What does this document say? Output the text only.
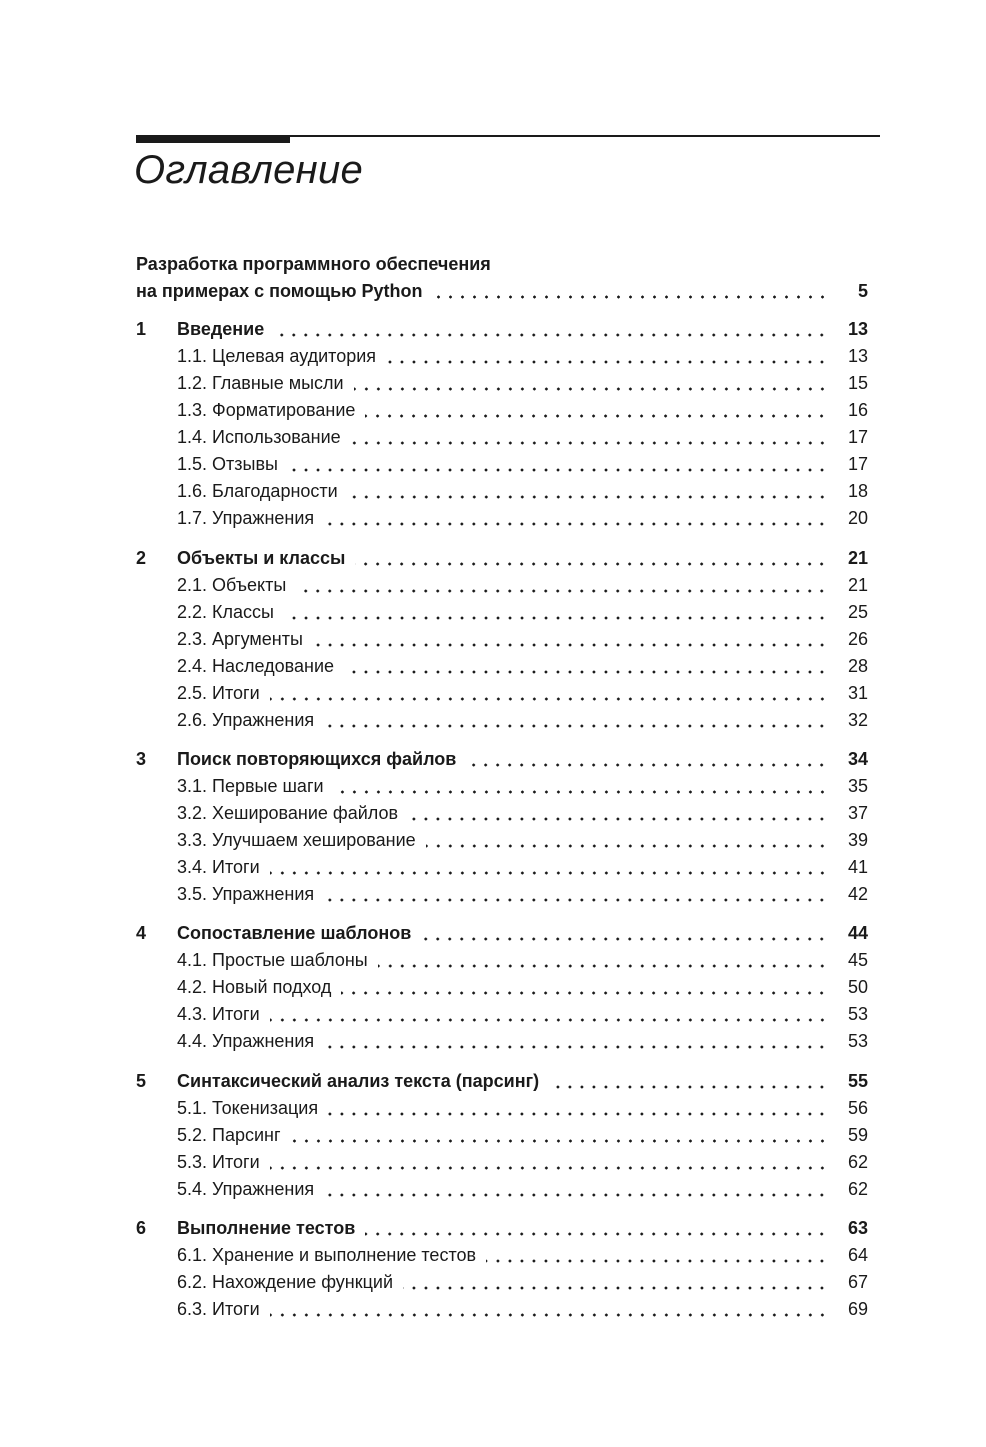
Оглавление
Разработка программного обеспечения
на примерах с помощью Python	5
1	Введение	13
1.1. Целевая аудитория	13
1.2. Главные мысли	15
1.3. Форматирование	16
1.4. Использование	17
1.5. Отзывы	17
1.6. Благодарности	18
1.7. Упражнения	20
2	Объекты и классы	21
2.1. Объекты	21
2.2. Классы	25
2.3. Аргументы	26
2.4. Наследование	28
2.5. Итоги	31
2.6. Упражнения	32
3	Поиск повторяющихся файлов	34
3.1. Первые шаги	35
3.2. Хеширование файлов	37
3.3. Улучшаем хеширование	39
3.4. Итоги	41
3.5. Упражнения	42
4	Сопоставление шаблонов	44
4.1. Простые шаблоны	45
4.2. Новый подход	50
4.3. Итоги	53
4.4. Упражнения	53
5	Синтаксический анализ текста (парсинг)	55
5.1. Токенизация	56
5.2. Парсинг	59
5.3. Итоги	62
5.4. Упражнения	62
6	Выполнение тестов	63
6.1. Хранение и выполнение тестов	64
6.2. Нахождение функций	67
6.3. Итоги	69
